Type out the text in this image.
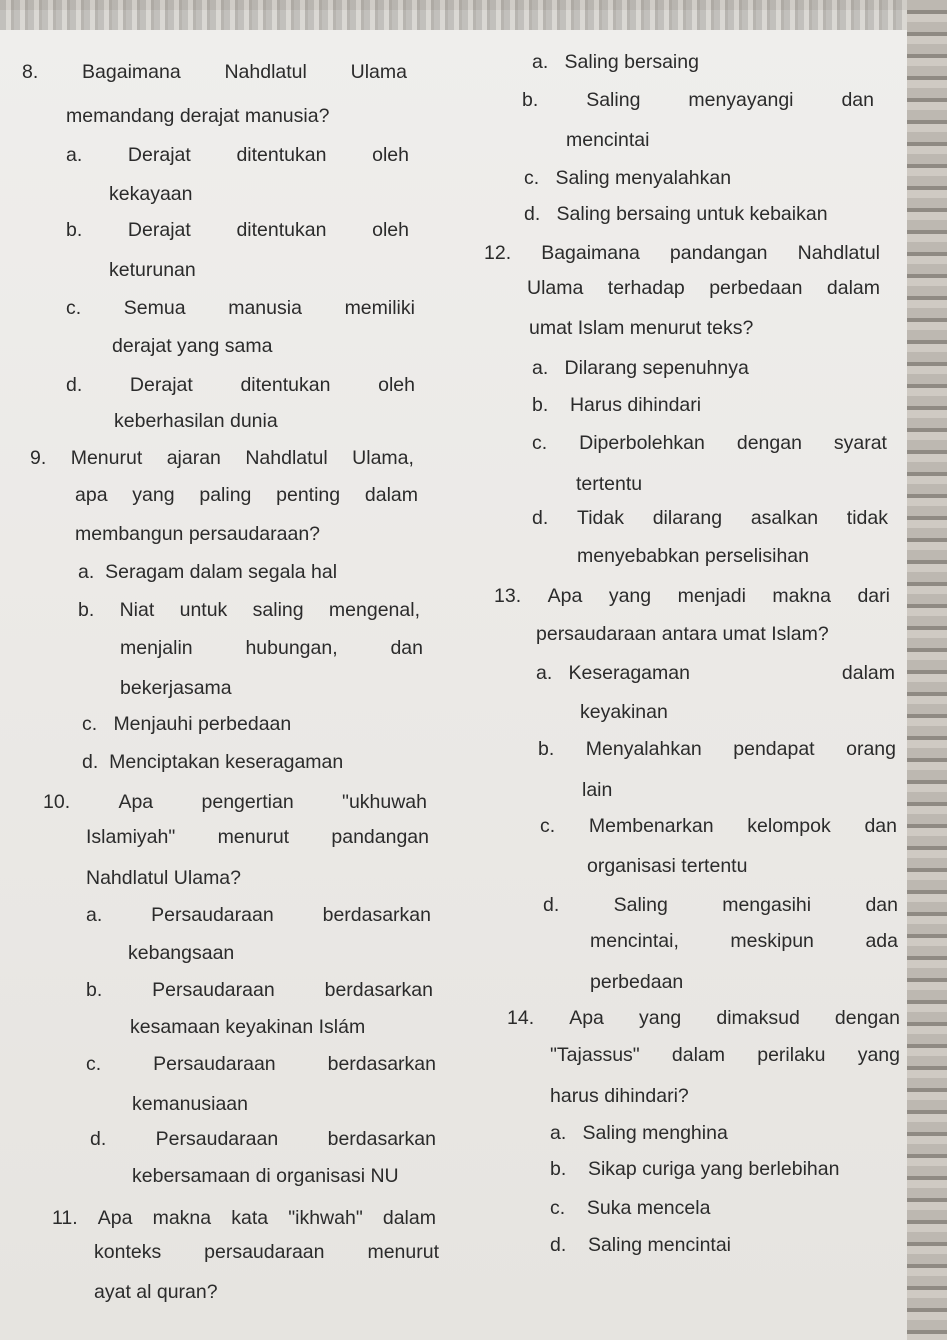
8. Bagaimana Nahdlatul Ulama
memandang derajat manusia?
a. Derajat ditentukan oleh
kekayaan
b. Derajat ditentukan oleh
keturunan
c. Semua manusia memiliki
derajat yang sama
d. Derajat ditentukan oleh
keberhasilan dunia
9. Menurut ajaran Nahdlatul Ulama,
apa yang paling penting dalam
membangun persaudaraan?
a. Seragam dalam segala hal
b. Niat untuk saling mengenal,
menjalin	hubungan,	dan
bekerjasama
c. Menjauhi perbedaan
d. Menciptakan keseragaman
10. Apa pengertian "ukhuwah
Islamiyah" menurut pandangan
Nahdlatul Ulama?
a.	Persaudaraan	berdasarkan
kebangsaan
b.	Persaudaraan	berdasarkan
kesamaan keyakinan Islám
c.	Persaudaraan	berdasarkan
kemanusiaan
d.	Persaudaraan	berdasarkan
kebersamaan di organisasi NU
11. Apa makna kata "ikhwah" dalam
konteks persaudaraan menurut
ayat al quran?
a. Saling bersaing
b. Saling menyayangi dan
mencintai
c. Saling menyalahkan
d. Saling bersaing untuk kebaikan
12. Bagaimana pandangan Nahdlatul
Ulama terhadap perbedaan dalam
umat Islam menurut teks?
a. Dilarang sepenuhnya
b. Harus dihindari
c. Diperbolehkan dengan syarat
tertentu
d. Tidak dilarang asalkan tidak
menyebabkan perselisihan
13. Apa yang menjadi makna dari
persaudaraan antara umat Islam?
a. Keseragaman	dalam
keyakinan
b. Menyalahkan pendapat orang
lain
c. Membenarkan kelompok dan
organisasi tertentu
d.	Saling	mengasihi	dan
mencintai,	meskipun	ada
perbedaan
14. Apa yang dimaksud dengan
"Tajassus" dalam perilaku yang
harus dihindari?
a. Saling menghina
b. Sikap curiga yang berlebihan
c. Suka mencela
d. Saling mencintai
